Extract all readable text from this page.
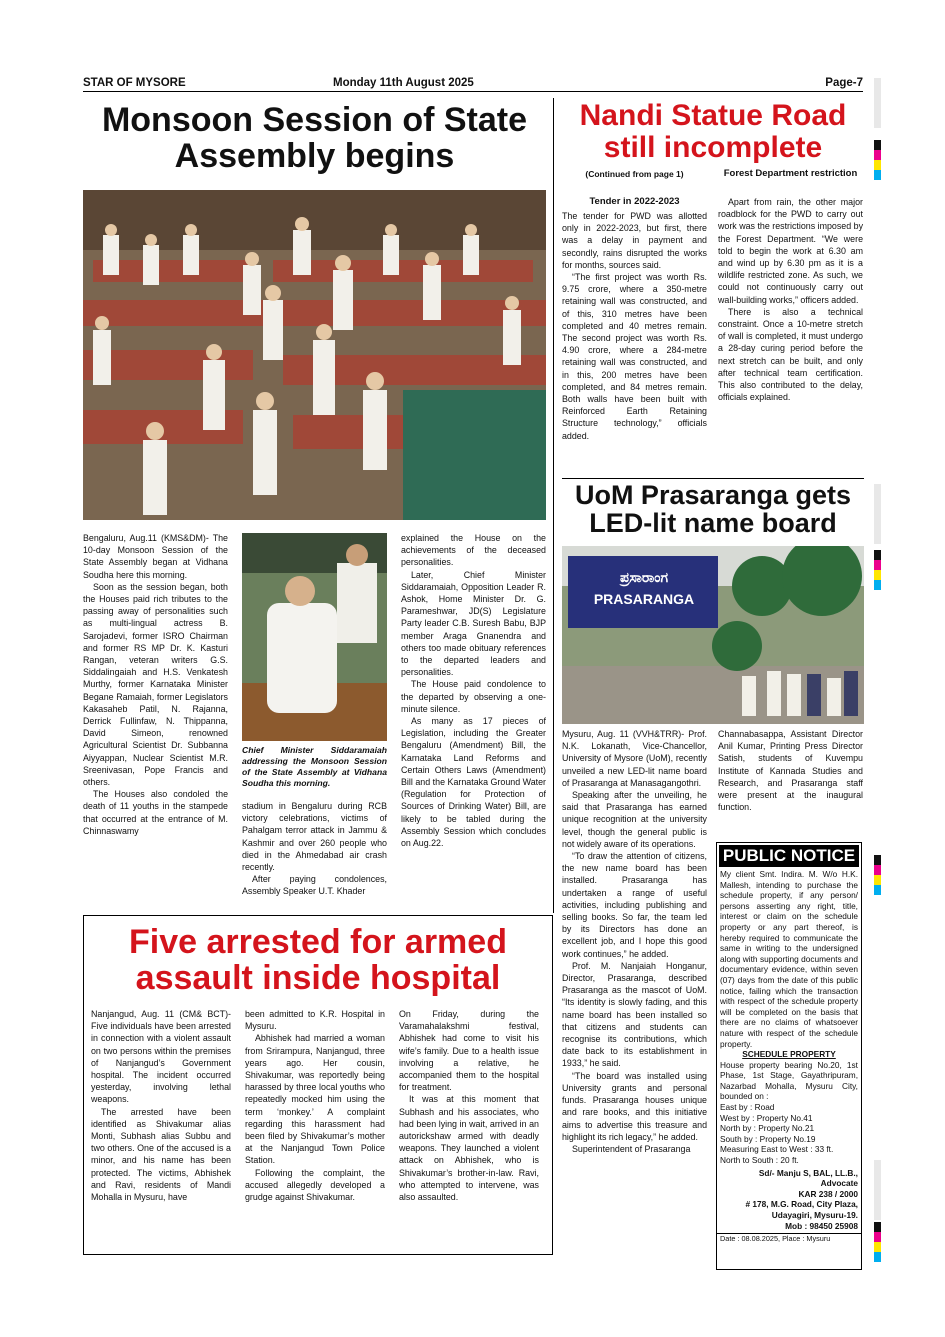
STAR OF MYSORE	Monday 11th August 2025	Page-7
Monsoon Session of State Assembly begins

Bengaluru, Aug.11 (KMS&DM)- The 10-day Monsoon Session of the State Assembly began at Vidhana Soudha here this morning.

Soon as the session began, both the Houses paid rich tributes to the passing away of personalities such as multi-lingual actress B. Sarojadevi, former ISRO Chairman and former RS MP Dr. K. Kasturi Rangan, veteran writers G.S. Siddalingaiah and H.S. Venkatesh Murthy, former Karnataka Minister Begane Ramaiah, former Legislators Kakasaheb Patil, N. Rajanna, Derrick Fullinfaw, N. Thippanna, David Simeon, renowned Agricultural Scientist Dr. Subbanna Aiyyappan, Nuclear Scientist M.R. Sreenivasan, Pope Francis and others.

The Houses also condoled the death of 11 youths in the stampede that occurred at the entrance of M. Chinnaswamy

Chief Minister Siddaramaiah addressing the Monsoon Session of the State Assembly at Vidhana Soudha this morning.

stadium in Bengaluru during RCB victory celebrations, victims of Pahalgam terror attack in Jammu & Kashmir and over 260 people who died in the Ahmedabad air crash recently.

After paying condolences, Assembly Speaker U.T. Khader

explained the House on the achievements of the deceased personalities.

Later, Chief Minister Siddaramaiah, Opposition Leader R. Ashok, Home Minister Dr. G. Parameshwar, JD(S) Legislature Party leader C.B. Suresh Babu, BJP member Araga Gnanendra and others too made obituary references to the departed leaders and personalities.

The House paid condolence to the departed by observing a one-minute silence.

As many as 17 pieces of Legislation, including the Greater Bengaluru (Amendment) Bill, the Karnataka Land Reforms and Certain Others Laws (Amendment) Bill and the Karnataka Ground Water (Regulation for Protection of Sources of Drinking Water) Bill, are likely to be tabled during the Assembly Session which concludes on Aug.22.

Nandi Statue Road still incomplete
(Continued from page 1)
Tender in 2022-2023
Forest Department restriction

The tender for PWD was allotted only in 2022-2023, but first, there was a delay in payment and secondly, rains disrupted the works for months, sources said.

“The first project was worth Rs. 9.75 crore, where a 350-metre retaining wall was constructed, and of this, 310 metres have been completed and 40 metres remain. The second project was worth Rs. 4.90 crore, where a 284-metre retaining wall was constructed, and in this, 200 metres have been completed, and 84 metres remain. Both walls have been built with Reinforced Earth Retaining Structure technology,” officials added.

Apart from rain, the other major roadblock for the PWD to carry out work was the restrictions imposed by the Forest Department. “We were told to begin the work at 6.30 am and wind up by 6.30 pm as it is a wildlife restricted zone. As such, we could not continuously carry out wall-building works,” officers added.

There is also a technical constraint. Once a 10-metre stretch of wall is completed, it must undergo a 28-day curing period before the next stretch can be built, and only after technical team certification. This also contributed to the delay, officials explained.

UoM Prasaranga gets LED-lit name board
ಪ್ರಸಾರಾಂಗ PRASARANGA

Mysuru, Aug. 11 (VVH&TRR)- Prof. N.K. Lokanath, Vice-Chancellor, University of Mysore (UoM), recently unveiled a new LED-lit name board of Prasaranga at Manasagangothri.

Speaking after the unveiling, he said that Prasaranga has earned unique recognition at the university level, though the general public is not widely aware of its operations.

“To draw the attention of citizens, the new name board has been installed. Prasaranga has undertaken a range of useful activities, including publishing and selling books. So far, the team led by its Directors has done an excellent job, and I hope this good work continues,” he added.

Prof. M. Nanjaiah Honganur, Director, Prasaranga, described Prasaranga as the mascot of UoM. “Its identity is slowly fading, and this name board has been installed so that citizens and students can recognise its contributions, which date back to its establishment in 1933,” he said.

“The board was installed using University grants and personal funds. Prasaranga houses unique and rare books, and this initiative aims to advertise this treasure and highlight its rich legacy,” he added.

Superintendent of Prasaranga

Channabasappa, Assistant Director Anil Kumar, Printing Press Director Satish, students of Kuvempu Institute of Kannada Studies and Research, and Prasaranga staff were present at the inaugural function.

PUBLIC NOTICE
My client Smt. Indira. M. W/o H.K. Mallesh, intending to purchase the schedule property, if any person/ persons asserting any right, title, interest or claim on the schedule property or any part thereof, is hereby required to communicate the same in writing to the undersigned along with supporting documents and documentary evidence, within seven (07) days from the date of this public notice, failing which the transaction with respect of the schedule property will be completed on the basis that there are no claims of whatsoever nature with respect of the schedule property.
SCHEDULE PROPERTY
House property bearing No.20, 1st Phase, 1st Stage, Gayathripuram, Nazarbad Mohalla, Mysuru City, bounded on :
East by : Road
West by : Property No.41
North by : Property No.21
South by : Property No.19
Measuring East to West : 33 ft.
North to South : 20 ft.
Sd/- Manju S, BAL, LL.B.,
Advocate
KAR 238 / 2000
# 178, M.G. Road, City Plaza,
Udayagiri, Mysuru-19.
Mob : 98450 25908
Date : 08.08.2025, Place : Mysuru
Five arrested for armed assault inside hospital

Nanjangud, Aug. 11 (CM& BCT)- Five individuals have been arrested in connection with a violent assault on two persons within the premises of Nanjangud’s Government hospital. The incident occurred yesterday, involving lethal weapons.

The arrested have been identified as Shivakumar alias Monti, Subhash alias Subbu and two others. One of the accused is a minor, and his name has been protected. The victims, Abhishek and Ravi, residents of Mandi Mohalla in Mysuru, have

been admitted to K.R. Hospital in Mysuru.

Abhishek had married a woman from Srirampura, Nanjangud, three years ago. Her cousin, Shivakumar, was reportedly being harassed by three local youths who repeatedly mocked him using the term ‘monkey.’ A complaint regarding this harassment had been filed by Shivakumar’s mother at the Nanjangud Town Police Station.

Following the complaint, the accused allegedly developed a grudge against Shivakumar.

On Friday, during the Varamahalakshmi festival, Abhishek had come to visit his wife’s family. Due to a health issue involving a relative, he accompanied them to the hospital for treatment.

It was at this moment that Subhash and his associates, who had been lying in wait, arrived in an autorickshaw armed with deadly weapons. They launched a violent attack on Abhishek, who is Shivakumar’s brother-in-law. Ravi, who attempted to intervene, was also assaulted.
